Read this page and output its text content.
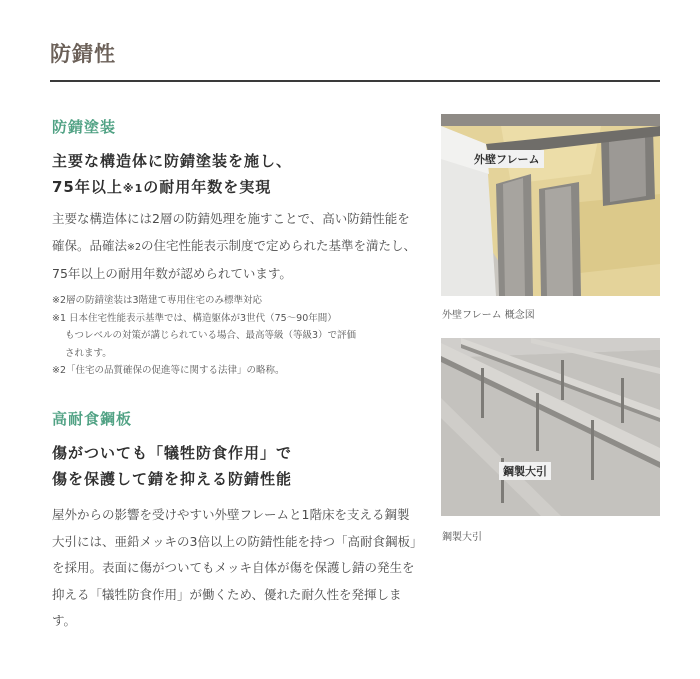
防錆性
防錆塗装
主要な構造体に防錆塗装を施し、
75年以上※1の耐用年数を実現
主要な構造体には2層の防錆処理を施すことで、高い防錆性能を確保。品確法※2の住宅性能表示制度で定められた基準を満たし、75年以上の耐用年数が認められています。
※2層の防錆塗装は3階建て専用住宅のみ標準対応
※1 日本住宅性能表示基準では、構造躯体が3世代（75〜90年間）
もつレベルの対策が講じられている場合、最高等級（等級3）で評価
されます。
※2「住宅の品質確保の促進等に関する法律」の略称。
高耐食鋼板
傷がついても「犠牲防食作用」で
傷を保護して錆を抑える防錆性能
屋外からの影響を受けやすい外壁フレームと1階床を支える鋼製大引には、亜鉛メッキの3倍以上の防錆性能を持つ「高耐食鋼板」を採用。表面に傷がついてもメッキ自体が傷を保護し錆の発生を抑える「犠牲防食作用」が働くため、優れた耐久性を発揮します。
外壁フレーム
外壁フレーム 概念図
鋼製大引
鋼製大引
